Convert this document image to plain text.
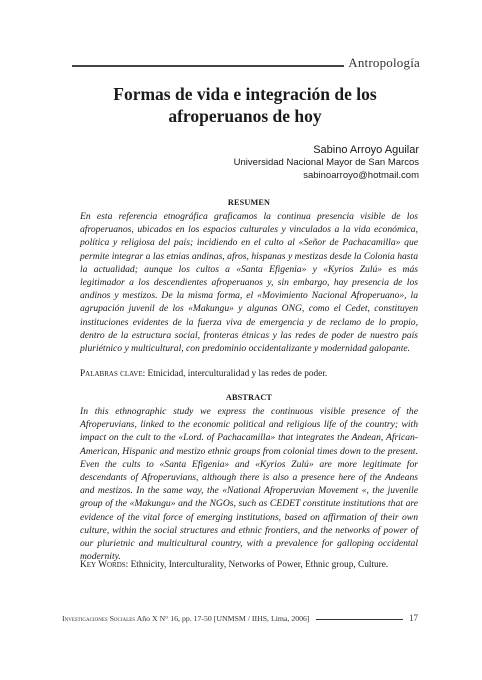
Antropología
Formas de vida e integración de los afroperuanos de hoy
Sabino Arroyo Aguilar
Universidad Nacional Mayor de San Marcos
sabinoarroyo@hotmail.com
RESUMEN
En esta referencia etnográfica graficamos la continua presencia visible de los afroperuanos, ubicados en los espacios culturales y vinculados a la vida económica, política y religiosa del país; incidiendo en el culto al «Señor de Pachacamilla» que permite integrar a las etnias andinas, afros, hispanas y mestizas desde la Colonia hasta la actualidad; aunque los cultos a «Santa Efigenia» y «Kyrios Zulú» es más legitimador a los descendientes afroperuanos y, sin embargo, hay presencia de los andinos y mestizos. De la misma forma, el «Movimiento Nacional Afroperuano», la agrupación juvenil de los «Makungu» y algunas ONG, como el Cedet, constituyen instituciones evidentes de la fuerza viva de emergencia y de reclamo de lo propio, dentro de la estructura social, fronteras étnicas y las redes de poder de nuestro país pluriétnico y multicultural, con predominio occidentalizante y modernidad galopante.
Palabras clave: Etnicidad, interculturalidad y las redes de poder.
ABSTRACT
In this ethnographic study we express the continuous visible presence of the Afroperuvians, linked to the economic political and religious life of the country; with impact on the cult to the «Lord. of Pachacamilla» that integrates the Andean, African-American, Hispanic and mestizo ethnic groups from colonial times down to the present. Even the cults to «Santa Efigenia» and «Kyrios Zulú» are more legitimate for descendants of Afroperuvians, although there is also a presence here of the Andeans and mestizos. In the same way, the «National Afroperuvian Movement «, the juvenile group of the «Makungu» and the NGOs, such as CEDET constitute institutions that are evidence of the vital force of emerging institutions, based on affirmation of their own culture, within the social structures and ethnic frontiers, and the networks of power of our plurietnic and multicultural country, with a prevalence for galloping occidental modernity.
Key Words: Ethnicity, Interculturality, Networks of Power, Ethnic group, Culture.
Investigaciones Sociales Año X N° 16, pp. 17-50 [UNMSM / IIHS, Lima, 2006]	17
